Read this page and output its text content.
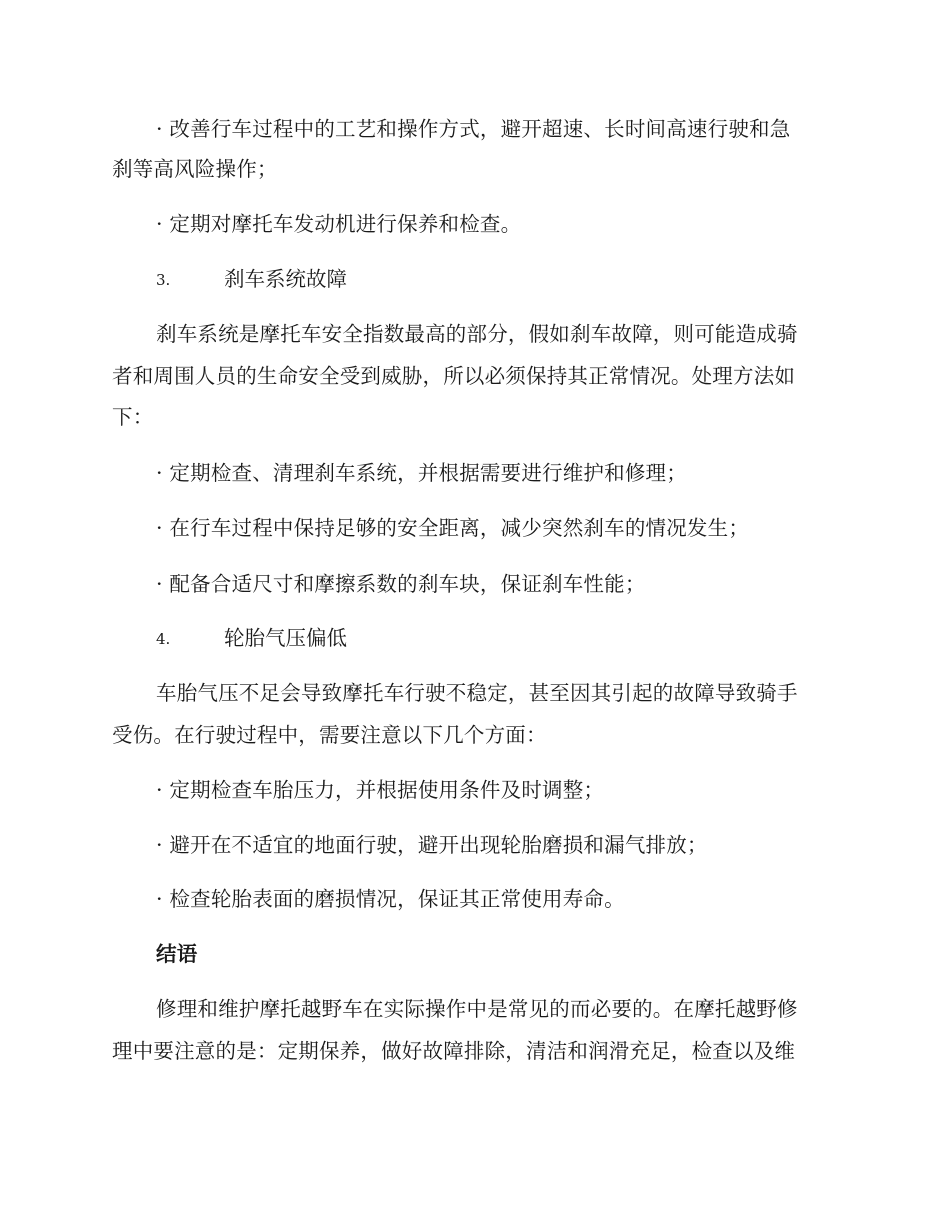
· 改善行车过程中的工艺和操作方式，避开超速、长时间高速行驶和急
刹等高风险操作；
· 定期对摩托车发动机进行保养和检查。
3.	刹车系统故障
刹车系统是摩托车安全指数最高的部分，假如刹车故障，则可能造成骑
者和周围人员的生命安全受到威胁，所以必须保持其正常情况。处理方法如
下：
· 定期检查、清理刹车系统，并根据需要进行维护和修理；
· 在行车过程中保持足够的安全距离，减少突然刹车的情况发生；
· 配备合适尺寸和摩擦系数的刹车块，保证刹车性能；
4.	轮胎气压偏低
车胎气压不足会导致摩托车行驶不稳定，甚至因其引起的故障导致骑手
受伤。在行驶过程中，需要注意以下几个方面：
· 定期检查车胎压力，并根据使用条件及时调整；
· 避开在不适宜的地面行驶，避开出现轮胎磨损和漏气排放；
· 检查轮胎表面的磨损情况，保证其正常使用寿命。
结语
修理和维护摩托越野车在实际操作中是常见的而必要的。在摩托越野修
理中要注意的是：定期保养，做好故障排除，清洁和润滑充足，检查以及维
